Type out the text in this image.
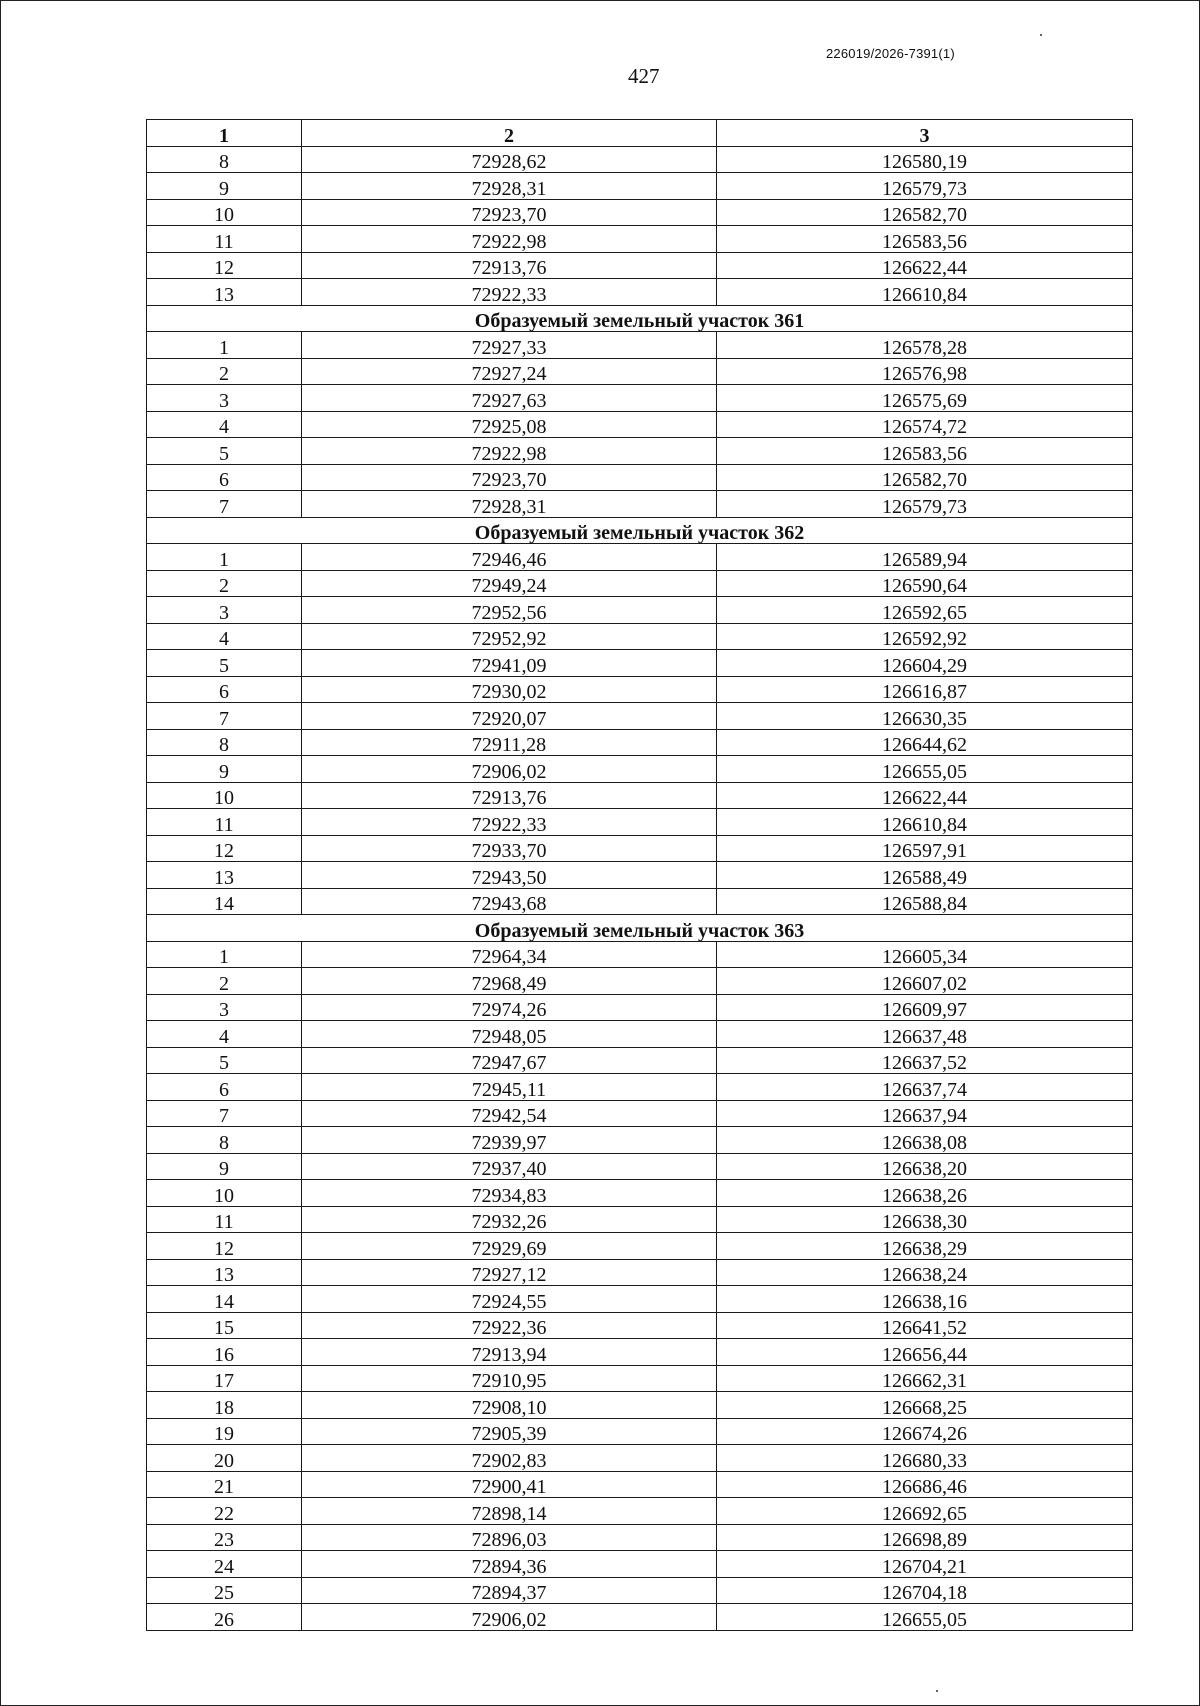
226019/2026-7391(1)
427
1	2	3
8	72928,62	126580,19
9	72928,31	126579,73
10	72923,70	126582,70
11	72922,98	126583,56
12	72913,76	126622,44
13	72922,33	126610,84
Образуемый земельный участок 361		
1	72927,33	126578,28
2	72927,24	126576,98
3	72927,63	126575,69
4	72925,08	126574,72
5	72922,98	126583,56
6	72923,70	126582,70
7	72928,31	126579,73
Образуемый земельный участок 362		
1	72946,46	126589,94
2	72949,24	126590,64
3	72952,56	126592,65
4	72952,92	126592,92
5	72941,09	126604,29
6	72930,02	126616,87
7	72920,07	126630,35
8	72911,28	126644,62
9	72906,02	126655,05
10	72913,76	126622,44
11	72922,33	126610,84
12	72933,70	126597,91
13	72943,50	126588,49
14	72943,68	126588,84
Образуемый земельный участок 363		
1	72964,34	126605,34
2	72968,49	126607,02
3	72974,26	126609,97
4	72948,05	126637,48
5	72947,67	126637,52
6	72945,11	126637,74
7	72942,54	126637,94
8	72939,97	126638,08
9	72937,40	126638,20
10	72934,83	126638,26
11	72932,26	126638,30
12	72929,69	126638,29
13	72927,12	126638,24
14	72924,55	126638,16
15	72922,36	126641,52
16	72913,94	126656,44
17	72910,95	126662,31
18	72908,10	126668,25
19	72905,39	126674,26
20	72902,83	126680,33
21	72900,41	126686,46
22	72898,14	126692,65
23	72896,03	126698,89
24	72894,36	126704,21
25	72894,37	126704,18
26	72906,02	126655,05
